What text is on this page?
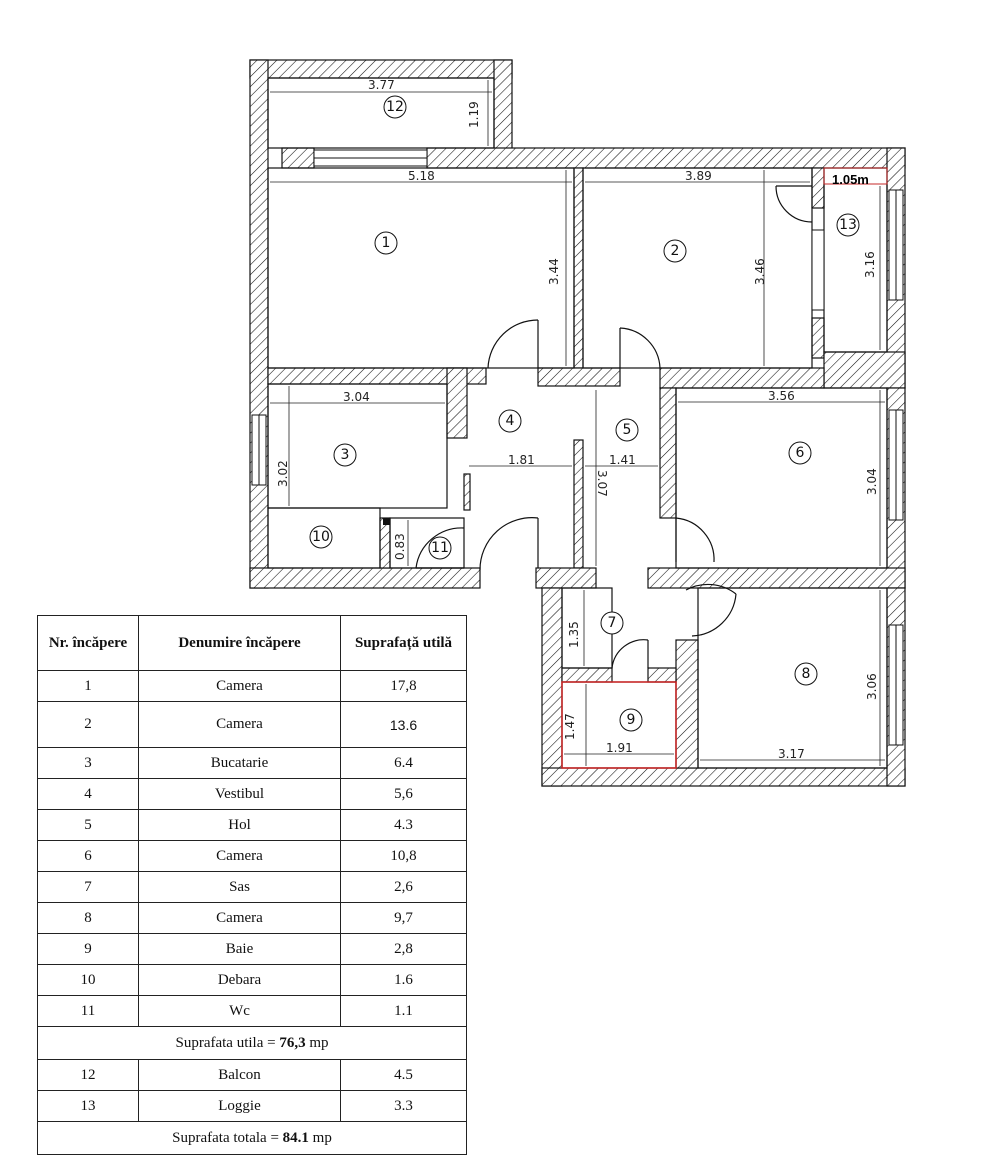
3.77
1.19
5.18
3.44
3.89
3.46
1.05m
3.16
3.04
3.02
1.81	1.41
3.07
3.56
3.04
0.83
1.35
3.17
3.06
1.91
1.47
1	2
3
4
5
6
7
8
9
10
11
12
13
Nr. încăpere	Denumire încăpere	Suprafață utilă
1	Camera	17,8
2	Camera	13.6
3	Bucatarie	6.4
4	Vestibul	5,6
5	Hol	4.3
6	Camera	10,8
7	Sas	2,6
8	Camera	9,7
9	Baie	2,8
10	Debara	1.6
11	Wc	1.1
Suprafata utila = 76,3 mp		
12	Balcon	4.5
13	Loggie	3.3
Suprafata totala = 84.1 mp		
